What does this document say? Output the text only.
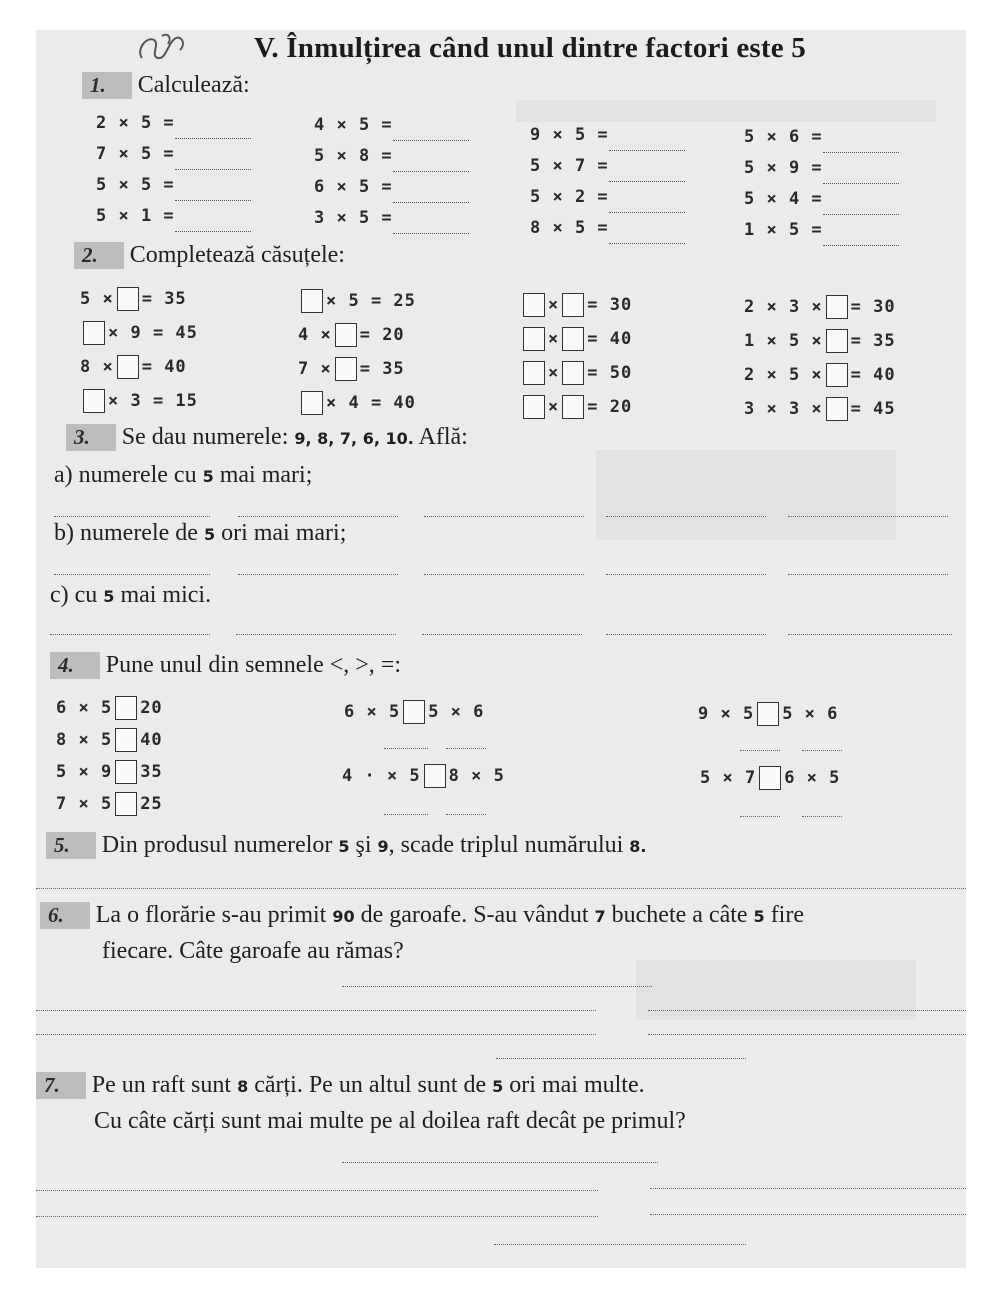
V. Înmulțirea când unul dintre factori este 5
1. Calculează:
2 × 5 =
7 × 5 =
5 × 5 =
5 × 1 =
4 × 5 =
5 × 8 =
6 × 5 =
3 × 5 =
9 × 5 =
5 × 7 =
5 × 2 =
8 × 5 =
5 × 6 =
5 × 9 =
5 × 4 =
1 × 5 =
2. Completează căsuțele:
5 × = 35
× 9 = 45
8 × = 40
× 3 = 15
× 5 = 25
4 × = 20
7 × = 35
× 4 = 40
× = 30
× = 40
× = 50
× = 20
2 × 3 × = 30
1 × 5 × = 35
2 × 5 × = 40
3 × 3 × = 45
3. Se dau numerele: 9, 8, 7, 6, 10. Află:
a) numerele cu 5 mai mari;
b) numerele de 5 ori mai mari;
c) cu 5 mai mici.
4. Pune unul din semnele <, >, =:
6 × 5 20
8 × 5 40
5 × 9 35
7 × 5 25
6 × 5 5 × 6
4 · × 5 8 × 5
9 × 5 5 × 6
5 × 7 6 × 5
5. Din produsul numerelor 5 şi 9, scade triplul numărului 8.
6. La o florărie s-au primit 90 de garoafe. S-au vândut 7 buchete a câte 5 fire
fiecare. Câte garoafe au rămas?
7. Pe un raft sunt 8 cărți. Pe un altul sunt de 5 ori mai multe.
Cu câte cărți sunt mai multe pe al doilea raft decât pe primul?
